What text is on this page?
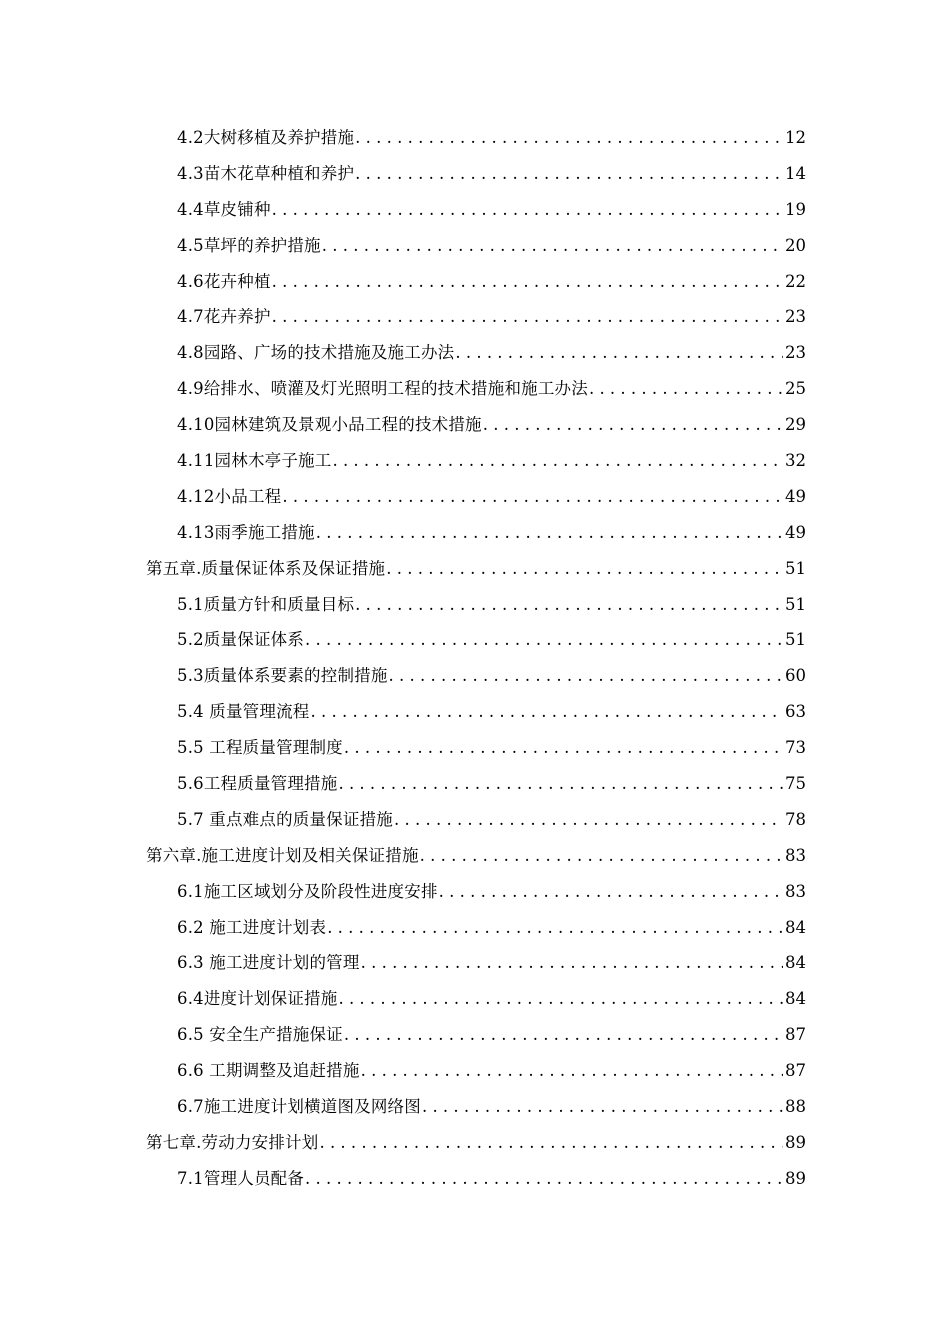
4.2大树移植及养护措施 . . .	12
4.3苗木花草种植和养护 . . .	14
4.4草皮铺种 . . .	19
4.5草坪的养护措施 . . .	20
4.6花卉种植 . . .	22
4.7花卉养护 . . .	23
4.8园路、广场的技术措施及施工办法 . . .	23
4.9给排水、喷灌及灯光照明工程的技术措施和施工办法 . . .	25
4.10园林建筑及景观小品工程的技术措施 . . .	29
4.11园林木亭子施工 . . .	32
4.12小品工程 . . .	49
4.13雨季施工措施 . . .	49
第五章.质量保证体系及保证措施 . . .	51
5.1质量方针和质量目标 . . .	51
5.2质量保证体系 . . .	51
5.3质量体系要素的控制措施 . . .	60
5.4 质量管理流程 . . .	63
5.5 工程质量管理制度 . . .	73
5.6工程质量管理措施 . . .	75
5.7 重点难点的质量保证措施 . . .	78
第六章.施工进度计划及相关保证措施 . . .	83
6.1施工区域划分及阶段性进度安排 . . .	83
6.2 施工进度计划表 . . .	84
6.3 施工进度计划的管理 . . .	84
6.4进度计划保证措施 . . .	84
6.5 安全生产措施保证 . . .	87
6.6 工期调整及追赶措施 . . .	87
6.7施工进度计划横道图及网络图 . . .	88
第七章.劳动力安排计划 . . .	89
7.1管理人员配备 . . .	89
